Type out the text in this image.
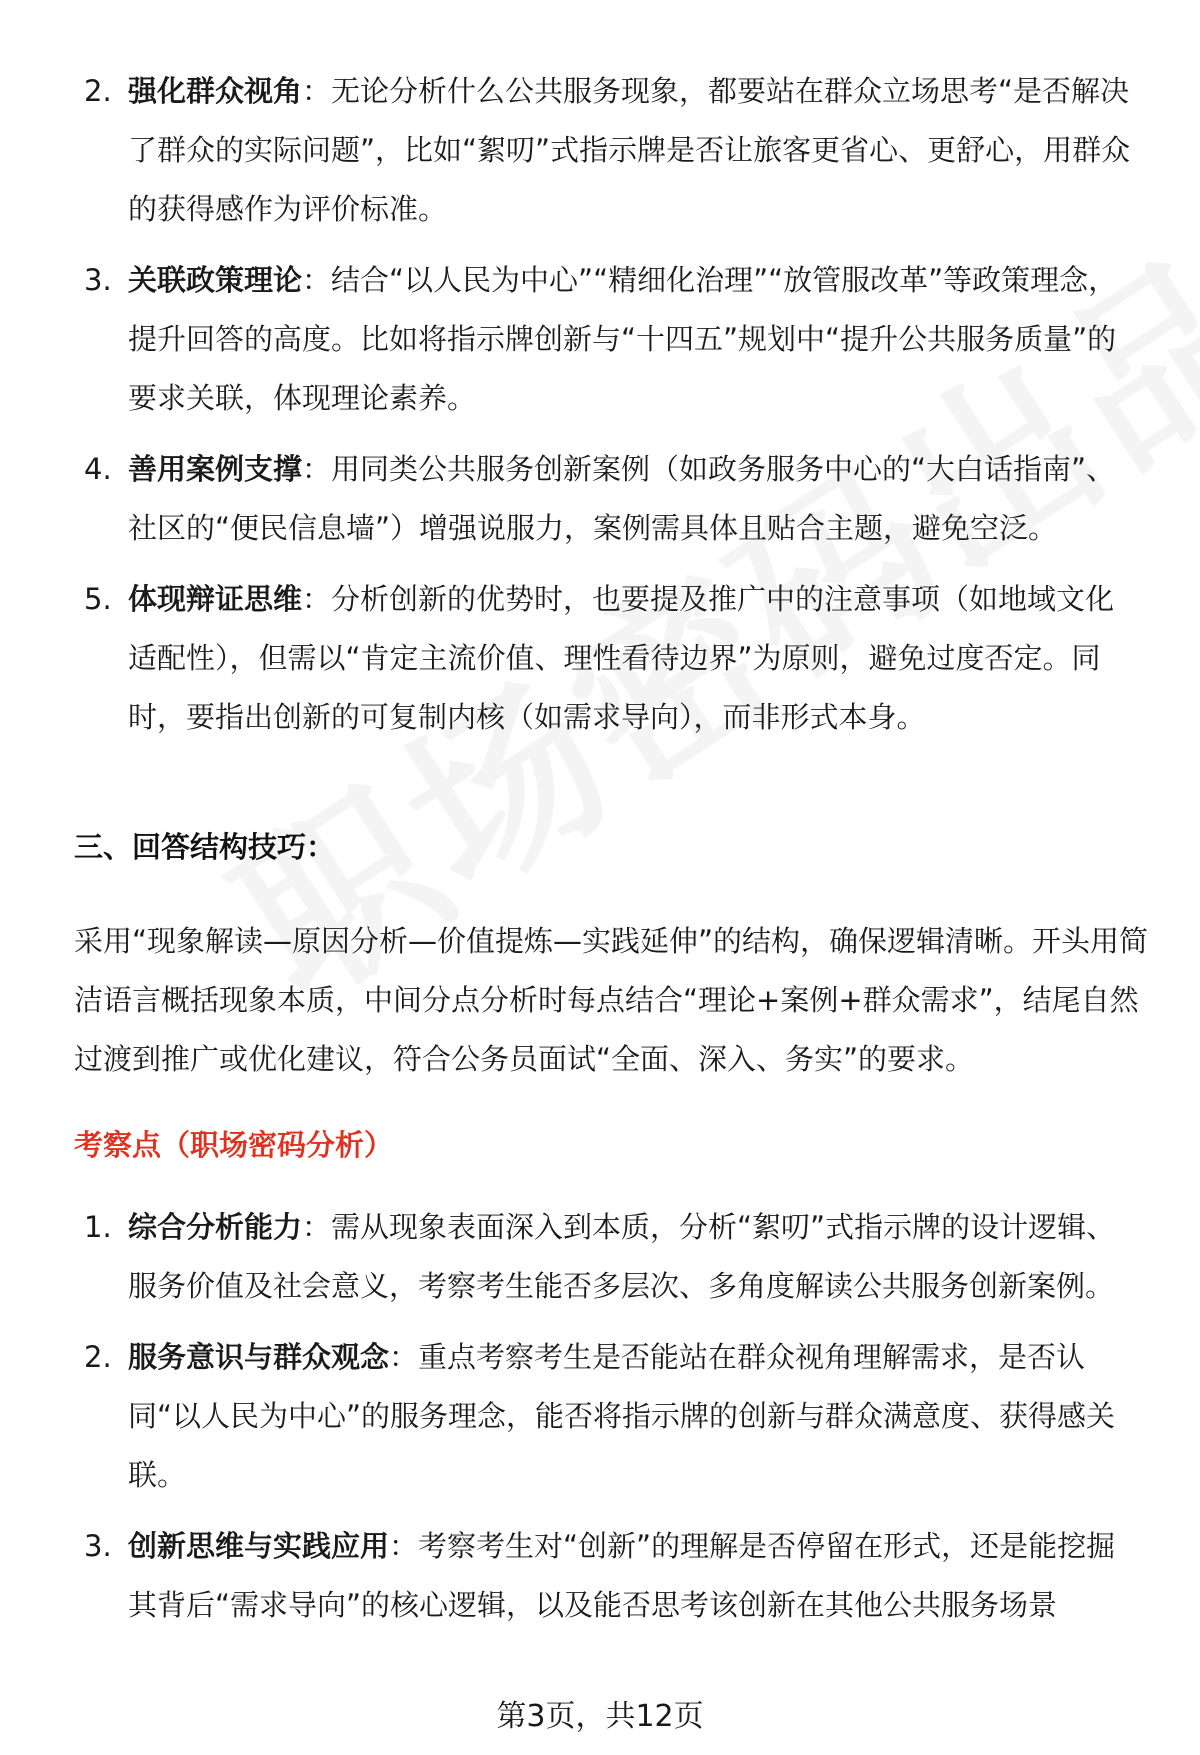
2. 强化群众视角：无论分析什么公共服务现象，都要站在群众立场思考“是否解决了群众的实际问题”，比如“絮叨”式指示牌是否让旅客更省心、更舒心，用群众的获得感作为评价标准。
3. 关联政策理论：结合“以人民为中心”“精细化治理”“放管服改革”等政策理念，提升回答的高度。比如将指示牌创新与“十四五”规划中“提升公共服务质量”的要求关联，体现理论素养。
4. 善用案例支撑：用同类公共服务创新案例（如政务服务中心的“大白话指南”、社区的“便民信息墙”）增强说服力，案例需具体且贴合主题，避免空泛。
5. 体现辩证思维：分析创新的优势时，也要提及推广中的注意事项（如地域文化适配性），但需以“肯定主流价值、理性看待边界”为原则，避免过度否定。同时，要指出创新的可复制内核（如需求导向），而非形式本身。
三、回答结构技巧：
采用“现象解读—原因分析—价值提炼—实践延伸”的结构，确保逻辑清晰。开头用简洁语言概括现象本质，中间分点分析时每点结合“理论+案例+群众需求”，结尾自然过渡到推广或优化建议，符合公务员面试“全面、深入、务实”的要求。
考察点（职场密码分析）
1. 综合分析能力：需从现象表面深入到本质，分析“絮叨”式指示牌的设计逻辑、服务价值及社会意义，考察考生能否多层次、多角度解读公共服务创新案例。
2. 服务意识与群众观念：重点考察考生是否能站在群众视角理解需求，是否认同“以人民为中心”的服务理念，能否将指示牌的创新与群众满意度、获得感关联。
3. 创新思维与实践应用：考察考生对“创新”的理解是否停留在形式，还是能挖掘其背后“需求导向”的核心逻辑，以及能否思考该创新在其他公共服务场景
第3页，共12页
